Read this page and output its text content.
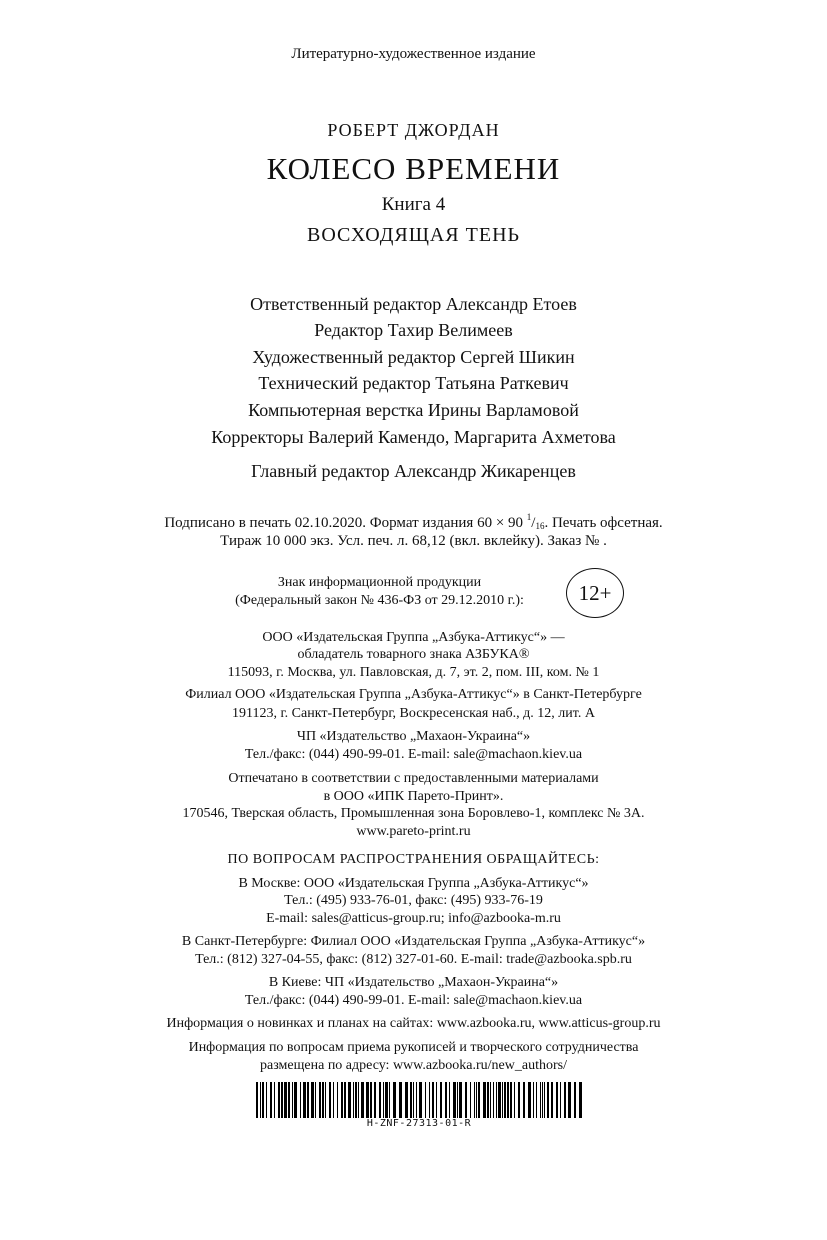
Литературно-художественное издание
РОБЕРТ ДЖОРДАН
КОЛЕСО ВРЕМЕНИ
Книга 4
ВОСХОДЯЩАЯ ТЕНЬ
Ответственный редактор Александр Етоев
Редактор Тахир Велимеев
Художественный редактор Сергей Шикин
Технический редактор Татьяна Раткевич
Компьютерная верстка Ирины Варламовой
Корректоры Валерий Камендо, Маргарита Ахметова
Главный редактор Александр Жикаренцев
Подписано в печать 02.10.2020. Формат издания 60 × 90 $^1/_{16}$. Печать офсетная.
Тираж 10 000 экз. Усл. печ. л. 68,12 (вкл. вклейку). Заказ № .
Знак информационной продукции
(Федеральный закон № 436-ФЗ от 29.12.2010 г.):	12+
ООО «Издательская Группа „Азбука-Аттикус“» —
обладатель товарного знака АЗБУКА®
115093, г. Москва, ул. Павловская, д. 7, эт. 2, пом. III, ком. № 1
Филиал ООО «Издательская Группа „Азбука-Аттикус“» в Санкт-Петербурге
191123, г. Санкт-Петербург, Воскресенская наб., д. 12, лит. А
ЧП «Издательство „Махаон-Украина“»
Тел./факс: (044) 490-99-01. E-mail: sale@machaon.kiev.ua
Отпечатано в соответствии с предоставленными материалами
в ООО «ИПК Парето-Принт».
170546, Тверская область, Промышленная зона Боровлево-1, комплекс № 3А.
www.pareto-print.ru
ПО ВОПРОСАМ РАСПРОСТРАНЕНИЯ ОБРАЩАЙТЕСЬ:
В Москве: ООО «Издательская Группа „Азбука-Аттикус“»
Тел.: (495) 933-76-01, факс: (495) 933-76-19
E-mail: sales@atticus-group.ru; info@azbooka-m.ru
В Санкт-Петербурге: Филиал ООО «Издательская Группа „Азбука-Аттикус“»
Тел.: (812) 327-04-55, факс: (812) 327-01-60. E-mail: trade@azbooka.spb.ru
В Киеве: ЧП «Издательство „Махаон-Украина“»
Тел./факс: (044) 490-99-01. E-mail: sale@machaon.kiev.ua
Информация о новинках и планах на сайтах: www.azbooka.ru, www.atticus-group.ru
Информация по вопросам приема рукописей и творческого сотрудничества
размещена по адресу: www.azbooka.ru/new_authors/
H-ZNF-27313-01-R
